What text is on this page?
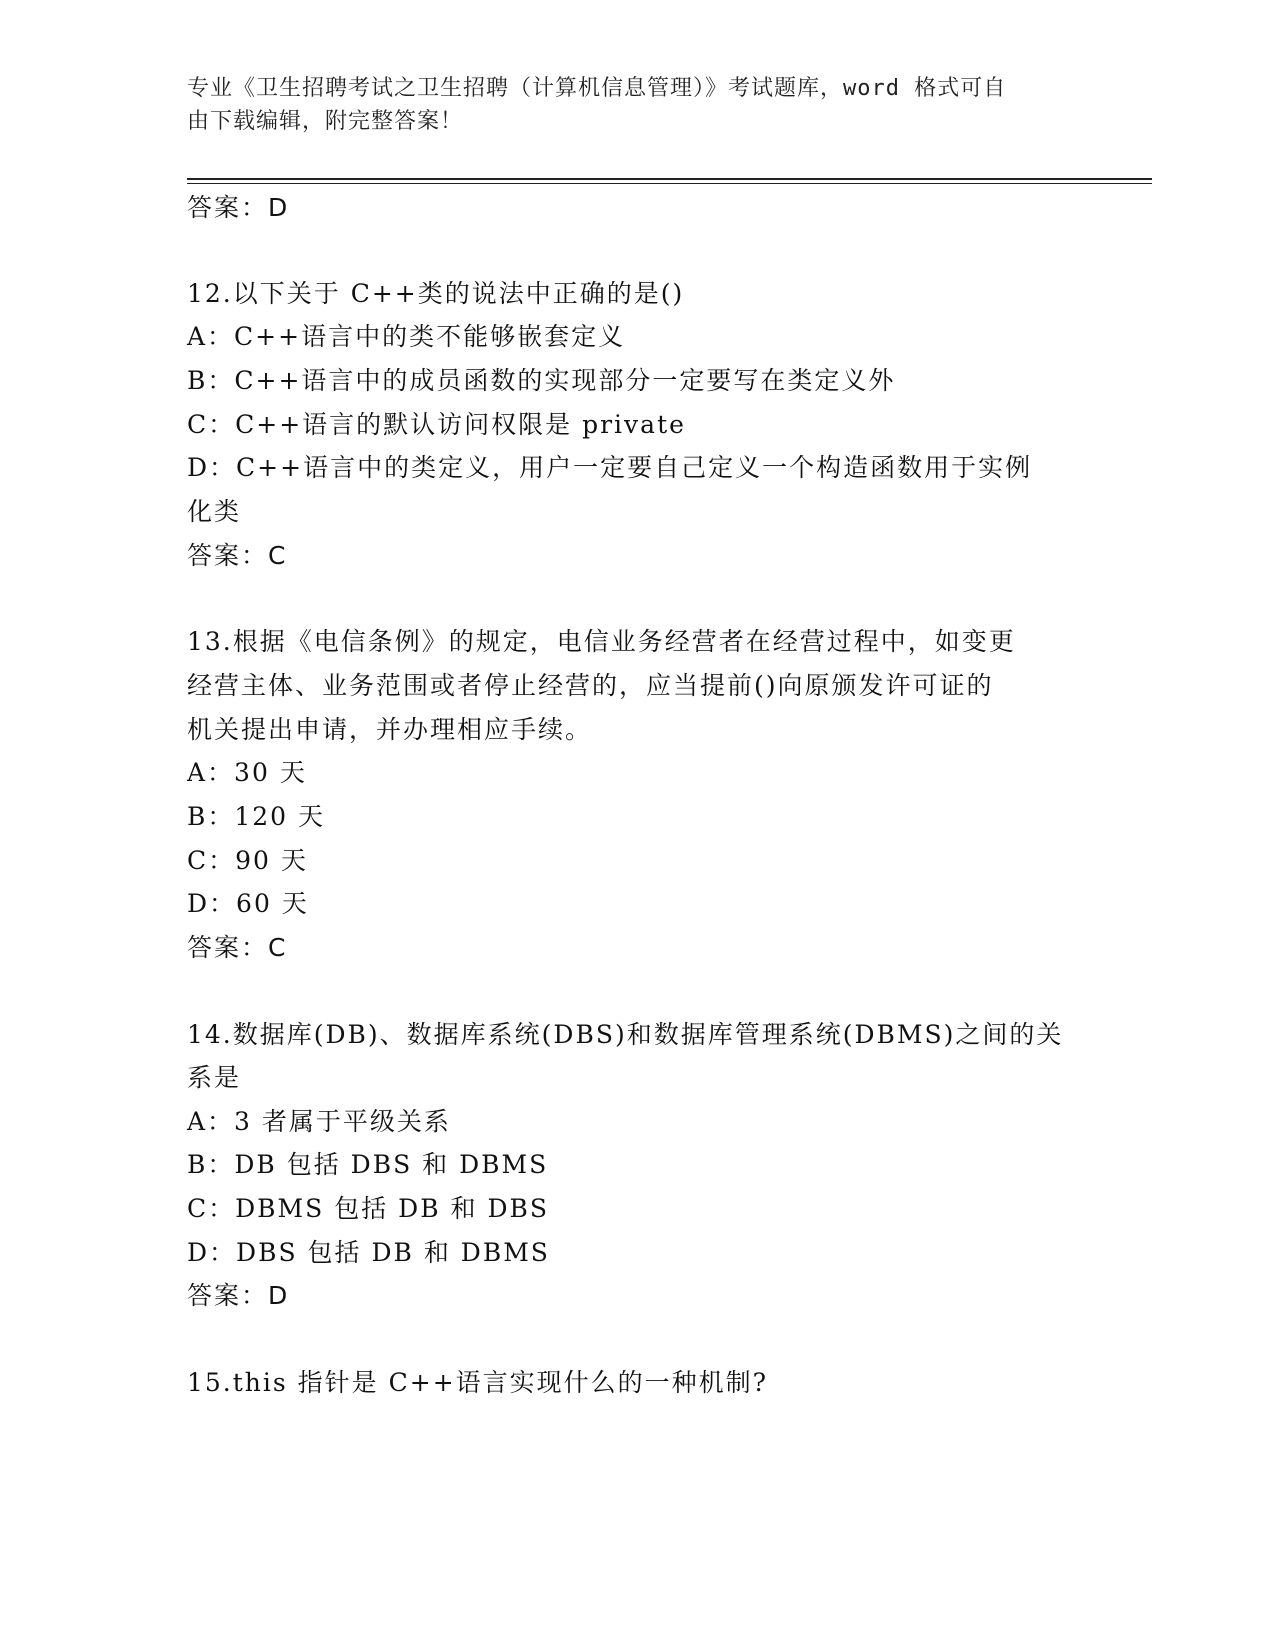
专业《卫生招聘考试之卫生招聘（计算机信息管理）》考试题库，word 格式可自
由下载编辑，附完整答案！
答案：D
12.以下关于 C++类的说法中正确的是()
A：C++语言中的类不能够嵌套定义
B：C++语言中的成员函数的实现部分一定要写在类定义外
C：C++语言的默认访问权限是 private
D：C++语言中的类定义，用户一定要自己定义一个构造函数用于实例
化类
答案：C
13.根据《电信条例》的规定，电信业务经营者在经营过程中，如变更
经营主体、业务范围或者停止经营的，应当提前()向原颁发许可证的
机关提出申请，并办理相应手续。
A：30 天
B：120 天
C：90 天
D：60 天
答案：C
14.数据库(DB)、数据库系统(DBS)和数据库管理系统(DBMS)之间的关
系是
A：3 者属于平级关系
B：DB 包括 DBS 和 DBMS
C：DBMS 包括 DB 和 DBS
D：DBS 包括 DB 和 DBMS
答案：D
15.this 指针是 C++语言实现什么的一种机制?
